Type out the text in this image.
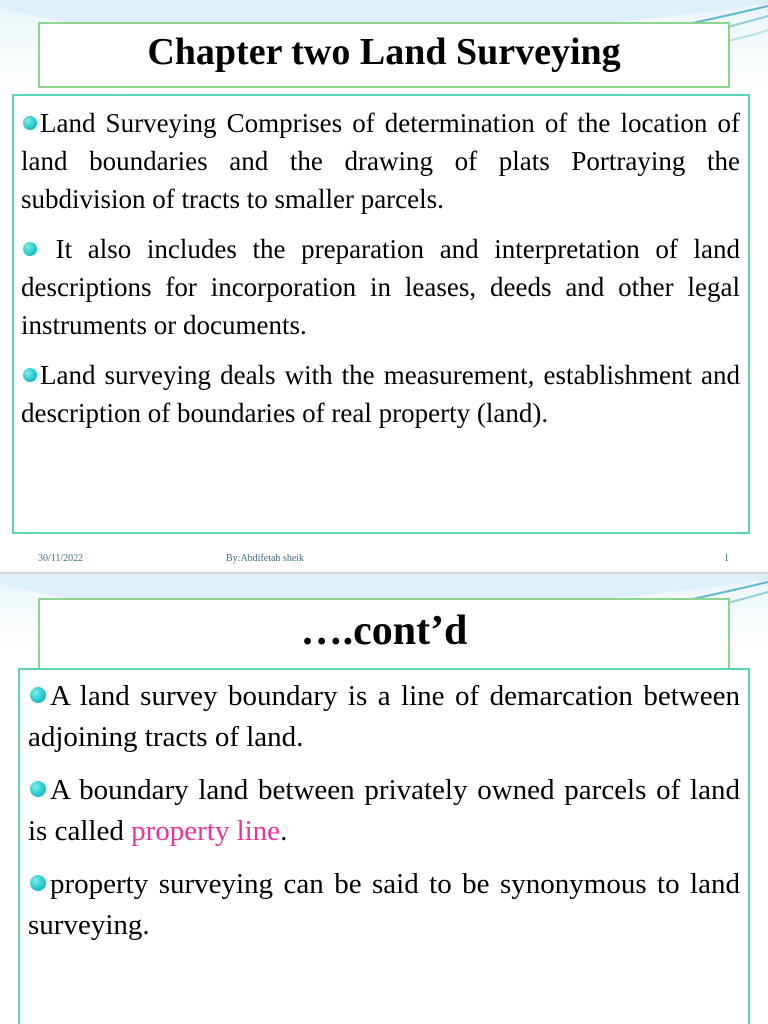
Chapter two Land Surveying
Land Surveying Comprises of determination of the location of land boundaries and the drawing of plats Portraying the subdivision of tracts to smaller parcels.
It also includes the preparation and interpretation of land descriptions for incorporation in leases, deeds and other legal instruments or documents.
Land surveying deals with the measurement, establishment and description of boundaries of real property (land).
30/11/2022	By:Abdifetah sheik	1
….cont’d
A land survey boundary is a line of demarcation between adjoining tracts of land.
A boundary land between privately owned parcels of land is called property line.
property surveying can be said to be synonymous to land surveying.
